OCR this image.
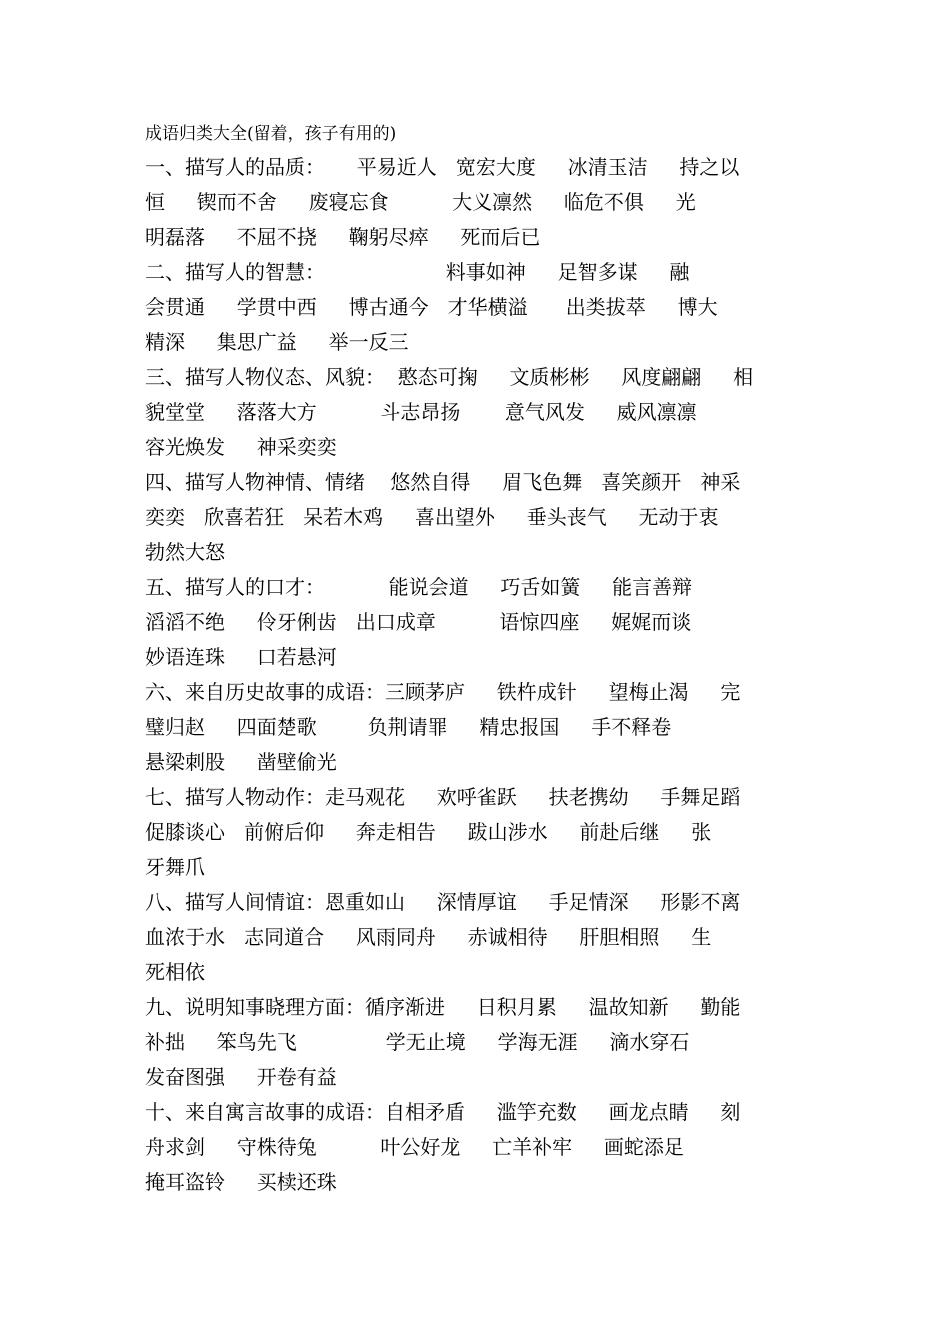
成语归类大全(留着，孩子有用的)
一、描写人的品质：     平易近人   宽宏大度     冰清玉洁     持之以
恒     锲而不舍     废寝忘食          大义凛然     临危不俱     光
明磊落     不屈不挠     鞠躬尽瘁     死而后已
二、描写人的智慧：                   料事如神     足智多谋     融
会贯通     学贯中西     博古通今   才华横溢      出类拔萃     博大
精深     集思广益     举一反三
三、描写人物仪态、风貌：  憨态可掬     文质彬彬     风度翩翩     相
貌堂堂     落落大方          斗志昂扬       意气风发     威风凛凛
容光焕发     神采奕奕
四、描写人物神情、情绪    悠然自得     眉飞色舞   喜笑颜开   神采
奕奕   欣喜若狂   呆若木鸡     喜出望外     垂头丧气     无动于衷
勃然大怒
五、描写人的口才：          能说会道     巧舌如簧     能言善辩
滔滔不绝     伶牙俐齿   出口成章          语惊四座     娓娓而谈
妙语连珠     口若悬河
六、来自历史故事的成语：三顾茅庐     铁杵成针     望梅止渴     完
璧归赵     四面楚歌        负荆请罪     精忠报国     手不释卷
悬梁刺股     凿壁偷光
七、描写人物动作：走马观花     欢呼雀跃     扶老携幼     手舞足蹈
促膝谈心   前俯后仰     奔走相告     跋山涉水     前赴后继     张
牙舞爪
八、描写人间情谊：恩重如山     深情厚谊     手足情深     形影不离
血浓于水   志同道合     风雨同舟     赤诚相待     肝胆相照     生
死相依
九、说明知事晓理方面：循序渐进     日积月累     温故知新     勤能
补拙     笨鸟先飞              学无止境     学海无涯     滴水穿石
发奋图强     开卷有益
十、来自寓言故事的成语：自相矛盾     滥竽充数     画龙点睛     刻
舟求剑     守株待兔          叶公好龙     亡羊补牢     画蛇添足
掩耳盗铃     买椟还珠
